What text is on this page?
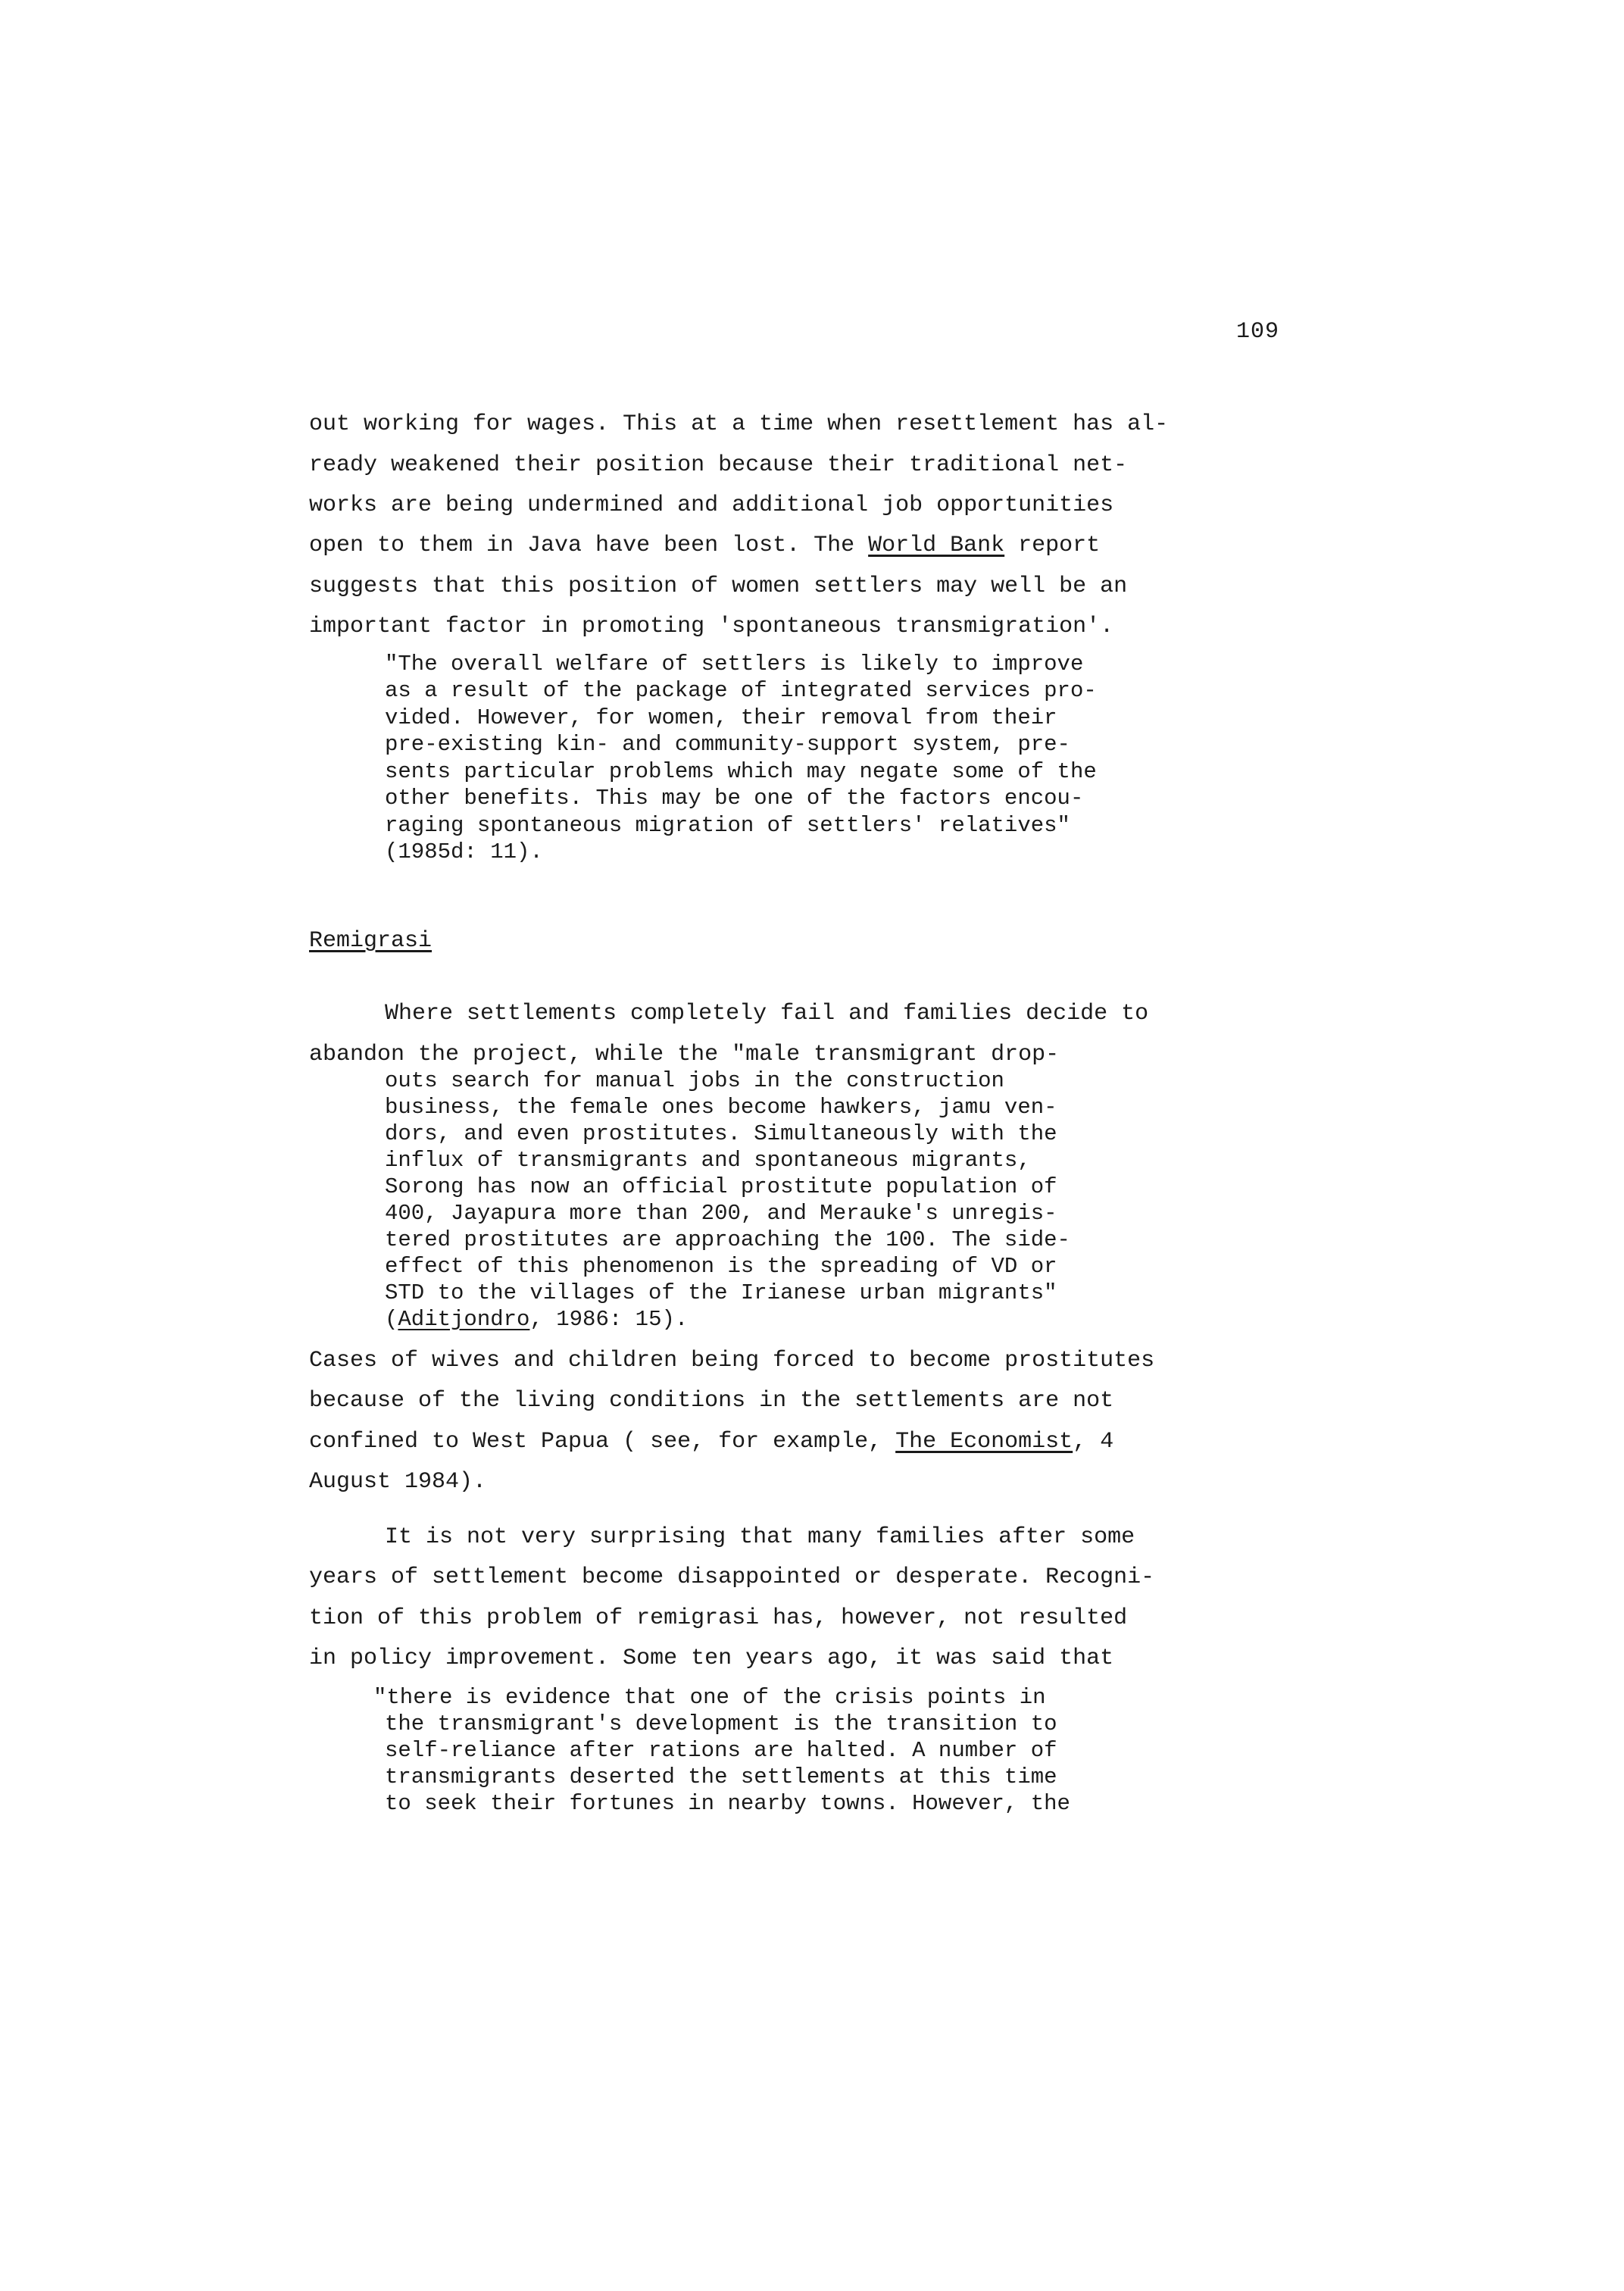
109
out working for wages. This at a time when resettlement has al-
ready weakened their position because their traditional net-
works are being undermined and additional job opportunities
open to them in Java have been lost. The World Bank report
suggests that this position of women settlers may well be an
important factor in promoting 'spontaneous transmigration'.
"The overall welfare of settlers is likely to improve
as a result of the package of integrated services pro-
vided. However, for women, their removal from their
pre-existing kin- and community-support system, pre-
sents particular problems which may negate some of the
other benefits. This may be one of the factors encou-
raging spontaneous migration of settlers' relatives"
(1985d: 11).
Remigrasi
Where settlements completely fail and families decide to
abandon the project, while the "male transmigrant drop-
outs search for manual jobs in the construction
business, the female ones become hawkers, jamu ven-
dors, and even prostitutes. Simultaneously with the
influx of transmigrants and spontaneous migrants,
Sorong has now an official prostitute population of
400, Jayapura more than 200, and Merauke's unregis-
tered prostitutes are approaching the 100. The side-
effect of this phenomenon is the spreading of VD or
STD to the villages of the Irianese urban migrants"
(Aditjondro, 1986: 15).
Cases of wives and children being forced to become prostitutes
because of the living conditions in the settlements are not
confined to West Papua ( see, for example, The Economist, 4
August 1984).
It is not very surprising that many families after some
years of settlement become disappointed or desperate. Recogni-
tion of this problem of remigrasi has, however, not resulted
in policy improvement. Some ten years ago, it was said that
"there is evidence that one of the crisis points in
the transmigrant's development is the transition to
self-reliance after rations are halted. A number of
transmigrants deserted the settlements at this time
to seek their fortunes in nearby towns. However, the
